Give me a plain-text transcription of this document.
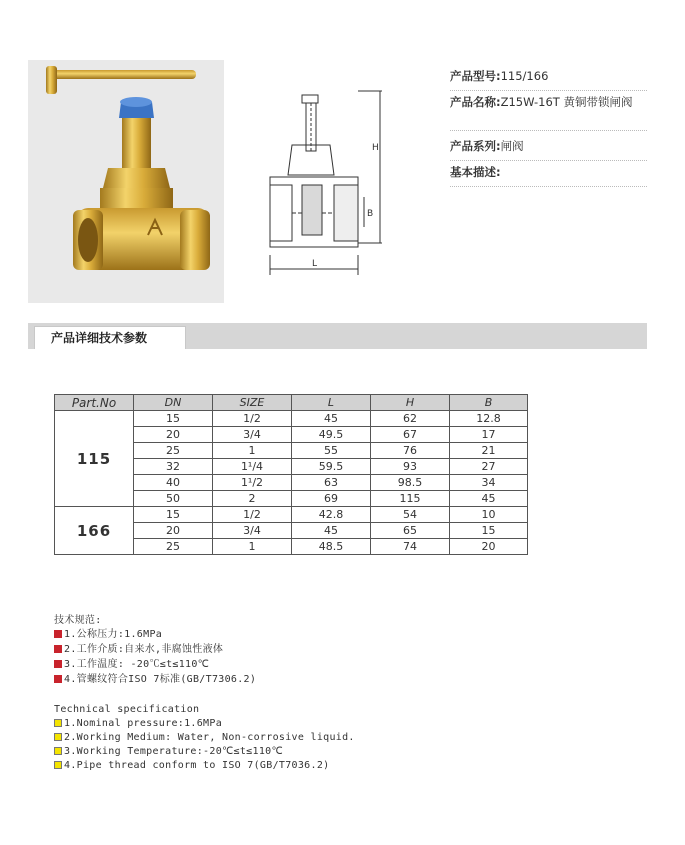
H
B
L
产品型号:115/166
产品名称:Z15W-16T 黄铜带锁闸阀
产品系列:闸阀
基本描述:
产品详细技术参数
Part.No	DN	SIZE	L	H	B
115	15	1/2	45	62	12.8
	20	3/4	49.5	67	17
	25	1	55	76	21
	32	1¹/4	59.5	93	27
	40	1¹/2	63	98.5	34
	50	2	69	115	45
166	15	1/2	42.8	54	10
	20	3/4	45	65	15
	25	1	48.5	74	20
技术规范:
1.公称压力:1.6MPa
2.工作介质:自来水,非腐蚀性液体
3.工作温度: -20℃≤t≤110℃
4.管螺纹符合ISO 7标准(GB/T7306.2)
Technical specification
1.Nominal pressure:1.6MPa
2.Working Medium: Water, Non-corrosive liquid.
3.Working Temperature:-20℃≤t≤110℃
4.Pipe thread conform to ISO 7(GB/T7036.2)
